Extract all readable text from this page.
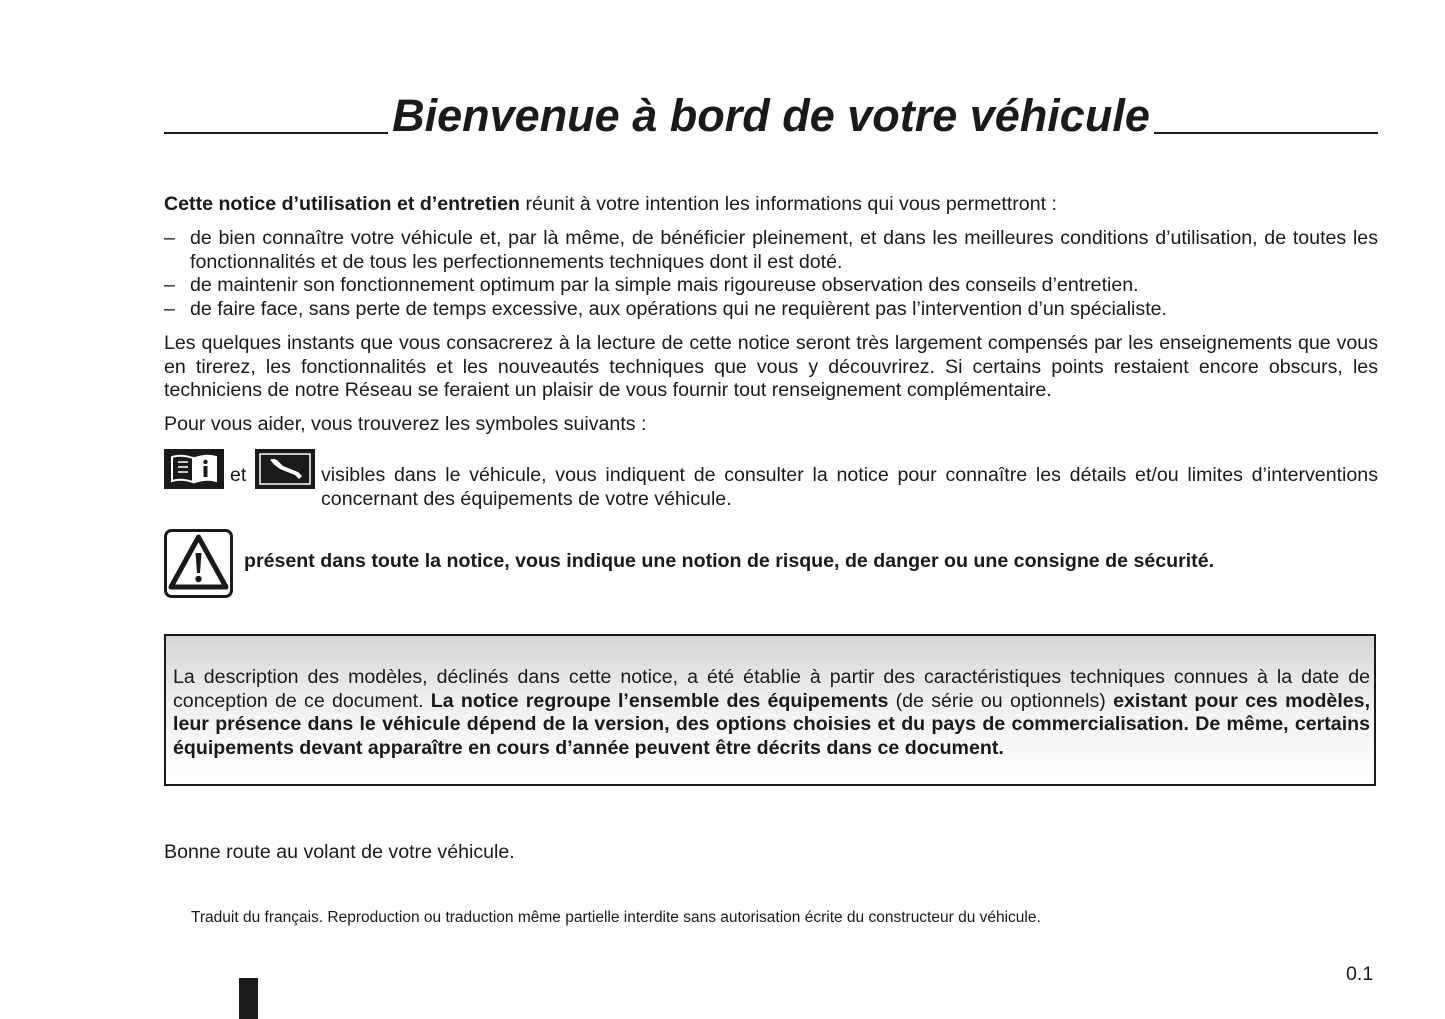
Bienvenue à bord de votre véhicule

Cette notice d’utilisation et d’entretien réunit à votre intention les informations qui vous permettront :

– de bien connaître votre véhicule et, par là même, de bénéficier pleinement, et dans les meilleures conditions d’utilisation, de toutes les fonctionnalités et de tous les perfectionnements techniques dont il est doté.
– de maintenir son fonctionnement optimum par la simple mais rigoureuse observation des conseils d’entretien.
– de faire face, sans perte de temps excessive, aux opérations qui ne requièrent pas l’intervention d’un spécialiste.

Les quelques instants que vous consacrerez à la lecture de cette notice seront très largement compensés par les enseignements que vous en tirerez, les fonctionnalités et les nouveautés techniques que vous y découvrirez. Si certains points restaient encore obscurs, les techniciens de notre Réseau se feraient un plaisir de vous fournir tout renseignement complémentaire.

Pour vous aider, vous trouverez les symboles suivants :

et	visibles dans le véhicule, vous indiquent de consulter la notice pour connaître les détails et/ou limites d’interventions concernant des équipements de votre véhicule.

présent dans toute la notice, vous indique une notion de risque, de danger ou une consigne de sécurité.

La description des modèles, déclinés dans cette notice, a été établie à partir des caractéristiques techniques connues à la date de conception de ce document. La notice regroupe l’ensemble des équipements (de série ou optionnels) existant pour ces modèles, leur présence dans le véhicule dépend de la version, des options choisies et du pays de commercialisation. De même, certains équipements devant apparaître en cours d’année peuvent être décrits dans ce document.

Bonne route au volant de votre véhicule.

Traduit du français. Reproduction ou traduction même partielle interdite sans autorisation écrite du constructeur du véhicule.

0.1
